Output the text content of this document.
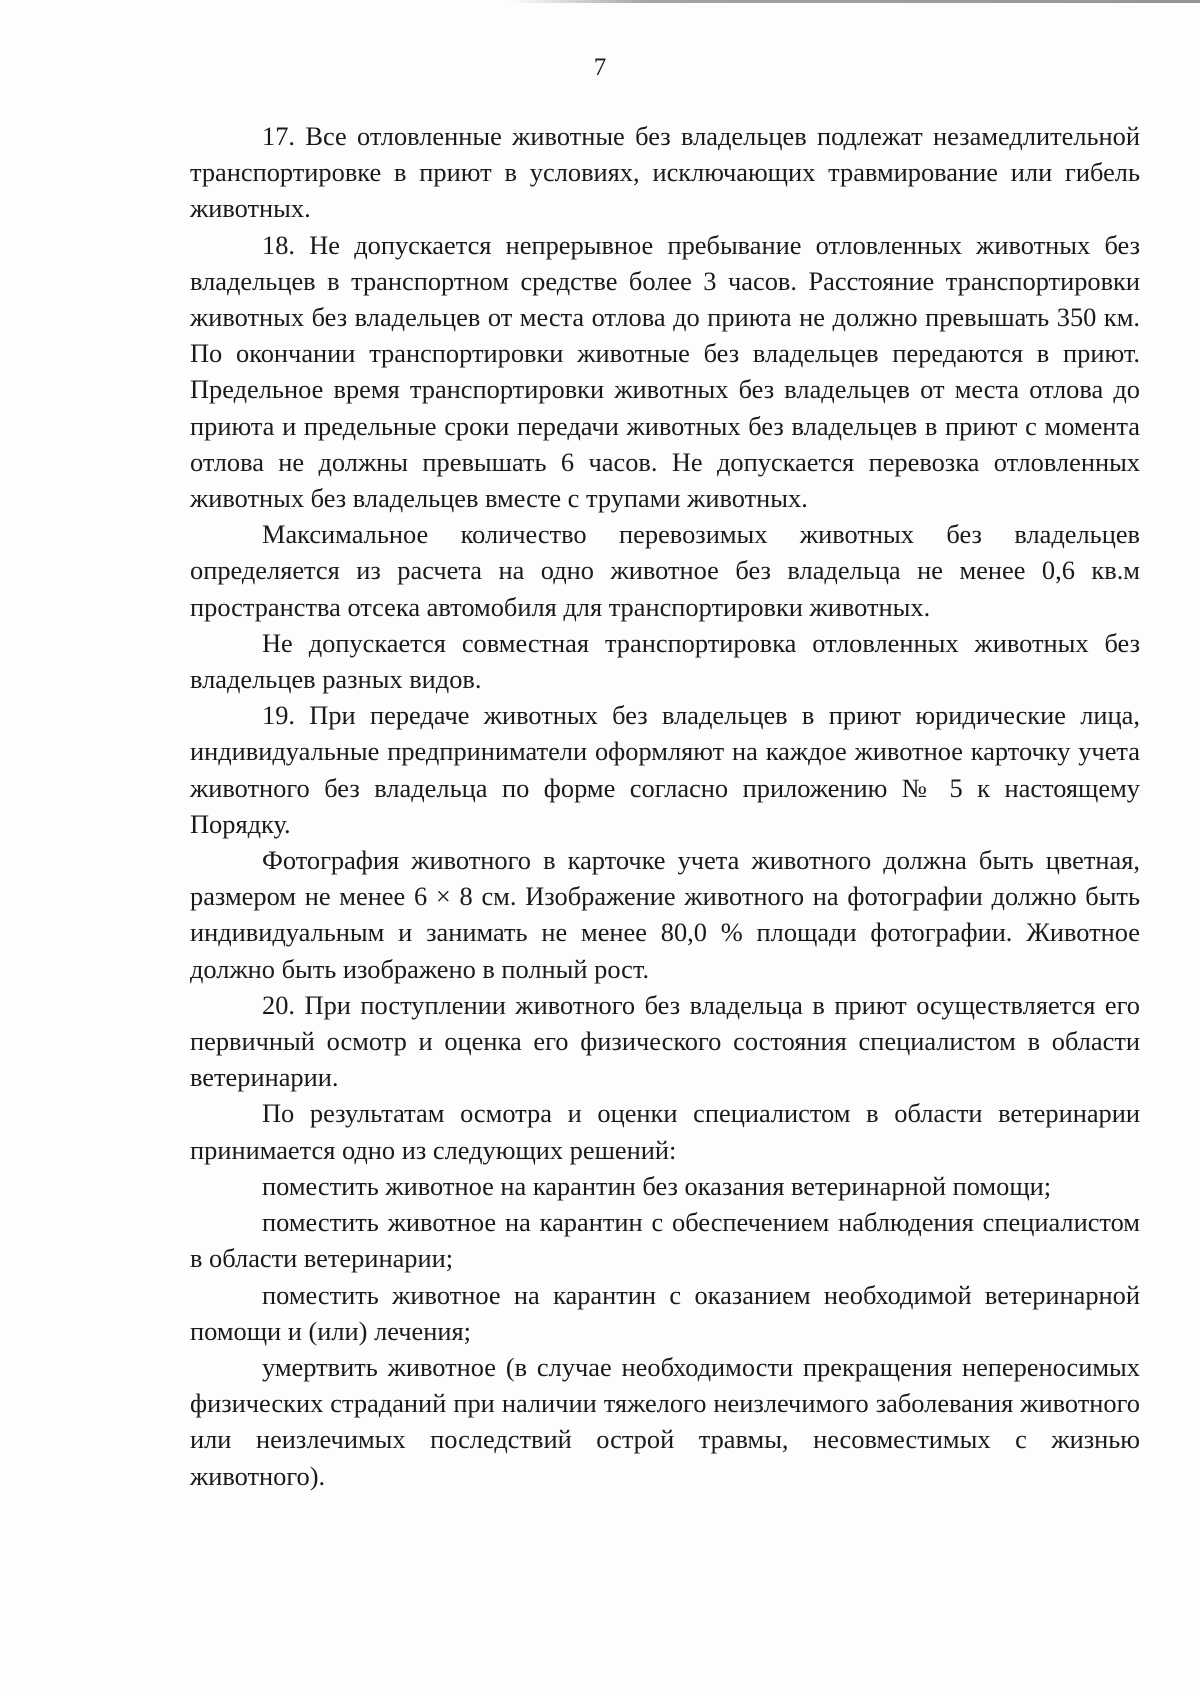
7

17. Все отловленные животные без владельцев подлежат незамедлительной транспортировке в приют в условиях, исключающих травмирование или гибель животных.

18. Не допускается непрерывное пребывание отловленных животных без владельцев в транспортном средстве более 3 часов. Расстояние транспортировки животных без владельцев от места отлова до приюта не должно превышать 350 км. По окончании транспортировки животные без владельцев передаются в приют. Предельное время транспортировки животных без владельцев от места отлова до приюта и предельные сроки передачи животных без владельцев в приют с момента отлова не должны превышать 6 часов. Не допускается перевозка отловленных животных без владельцев вместе с трупами животных.

Максимальное количество перевозимых животных без владельцев определяется из расчета на одно животное без владельца не менее 0,6 кв.м пространства отсека автомобиля для транспортировки животных.

Не допускается совместная транспортировка отловленных животных без владельцев разных видов.

19. При передаче животных без владельцев в приют юридические лица, индивидуальные предприниматели оформляют на каждое животное карточку учета животного без владельца по форме согласно приложению № 5 к настоящему Порядку.

Фотография животного в карточке учета животного должна быть цветная, размером не менее 6 × 8 см. Изображение животного на фотографии должно быть индивидуальным и занимать не менее 80,0 % площади фотографии. Животное должно быть изображено в полный рост.

20. При поступлении животного без владельца в приют осуществляется его первичный осмотр и оценка его физического состояния специалистом в области ветеринарии.

По результатам осмотра и оценки специалистом в области ветеринарии принимается одно из следующих решений:

поместить животное на карантин без оказания ветеринарной помощи;

поместить животное на карантин с обеспечением наблюдения специалистом в области ветеринарии;

поместить животное на карантин с оказанием необходимой ветеринарной помощи и (или) лечения;

умертвить животное (в случае необходимости прекращения непереносимых физических страданий при наличии тяжелого неизлечимого заболевания животного или неизлечимых последствий острой травмы, несовместимых с жизнью животного).
